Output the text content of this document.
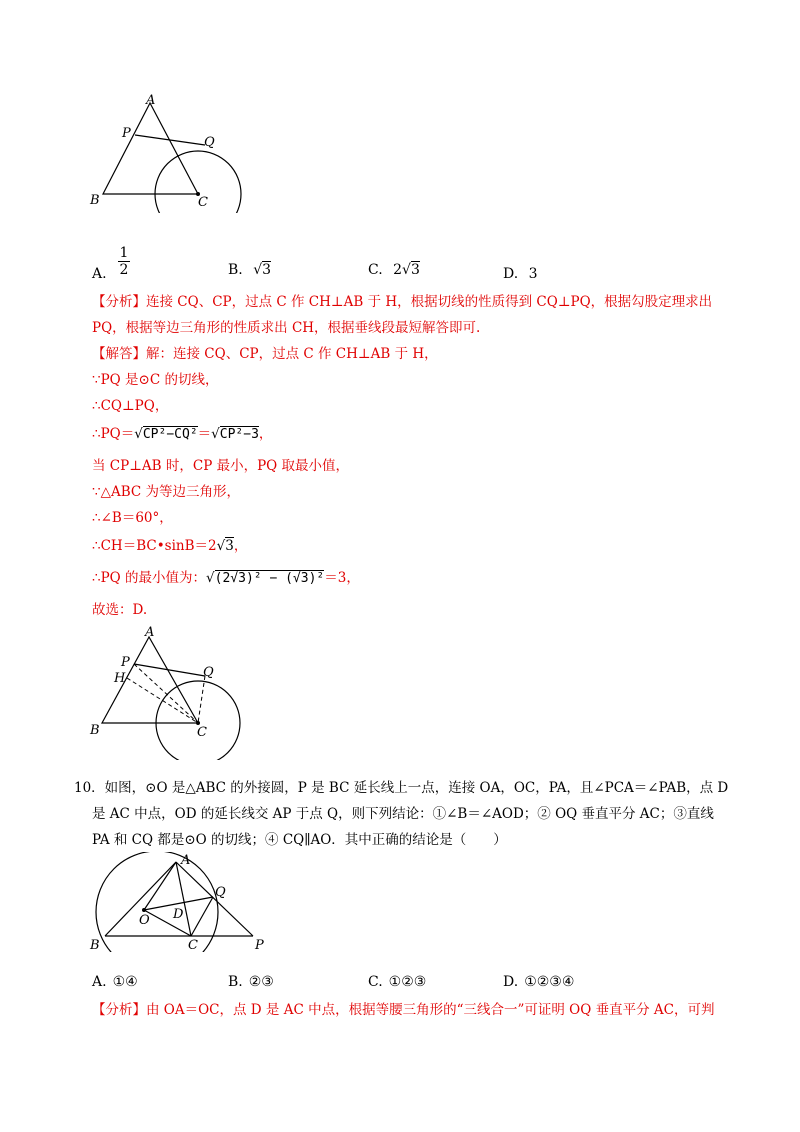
A
P
Q
B	C
A.
1
2	B. √3	C. 2√3	D. 3
【分析】连接 CQ、CP，过点 C 作 CH⊥AB 于 H，根据切线的性质得到 CQ⊥PQ，根据勾股定理求出
PQ，根据等边三角形的性质求出 CH，根据垂线段最短解答即可.
【解答】解：连接 CQ、CP，过点 C 作 CH⊥AB 于 H，
∵PQ 是⊙C 的切线，
∴CQ⊥PQ，
∴PQ＝√CP²−CQ²＝√CP²−3，
当 CP⊥AB 时，CP 最小，PQ 取最小值，
∵△ABC 为等边三角形，
∴∠B＝60°，
∴CH＝BC•sinB＝2√3，
∴PQ 的最小值为：√(2√3)² − (√3)²＝3，
故选：D.
A
P
Q
H
B	C
10．如图，⊙O 是△ABC 的外接圆，P 是 BC 延长线上一点，连接 OA，OC，PA，且∠PCA＝∠PAB，点 D
是 AC 中点，OD 的延长线交 AP 于点 Q，则下列结论：①∠B＝∠AOD；② OQ 垂直平分 AC；③直线
PA 和 CQ 都是⊙O 的切线；④ CQ∥AO．其中正确的结论是（　　）
A
Q
O D
B	C	P
A. ①④	B. ②③	C. ①②③	D. ①②③④
【分析】由 OA＝OC，点 D 是 AC 中点，根据等腰三角形的“三线合一”可证明 OQ 垂直平分 AC，可判
